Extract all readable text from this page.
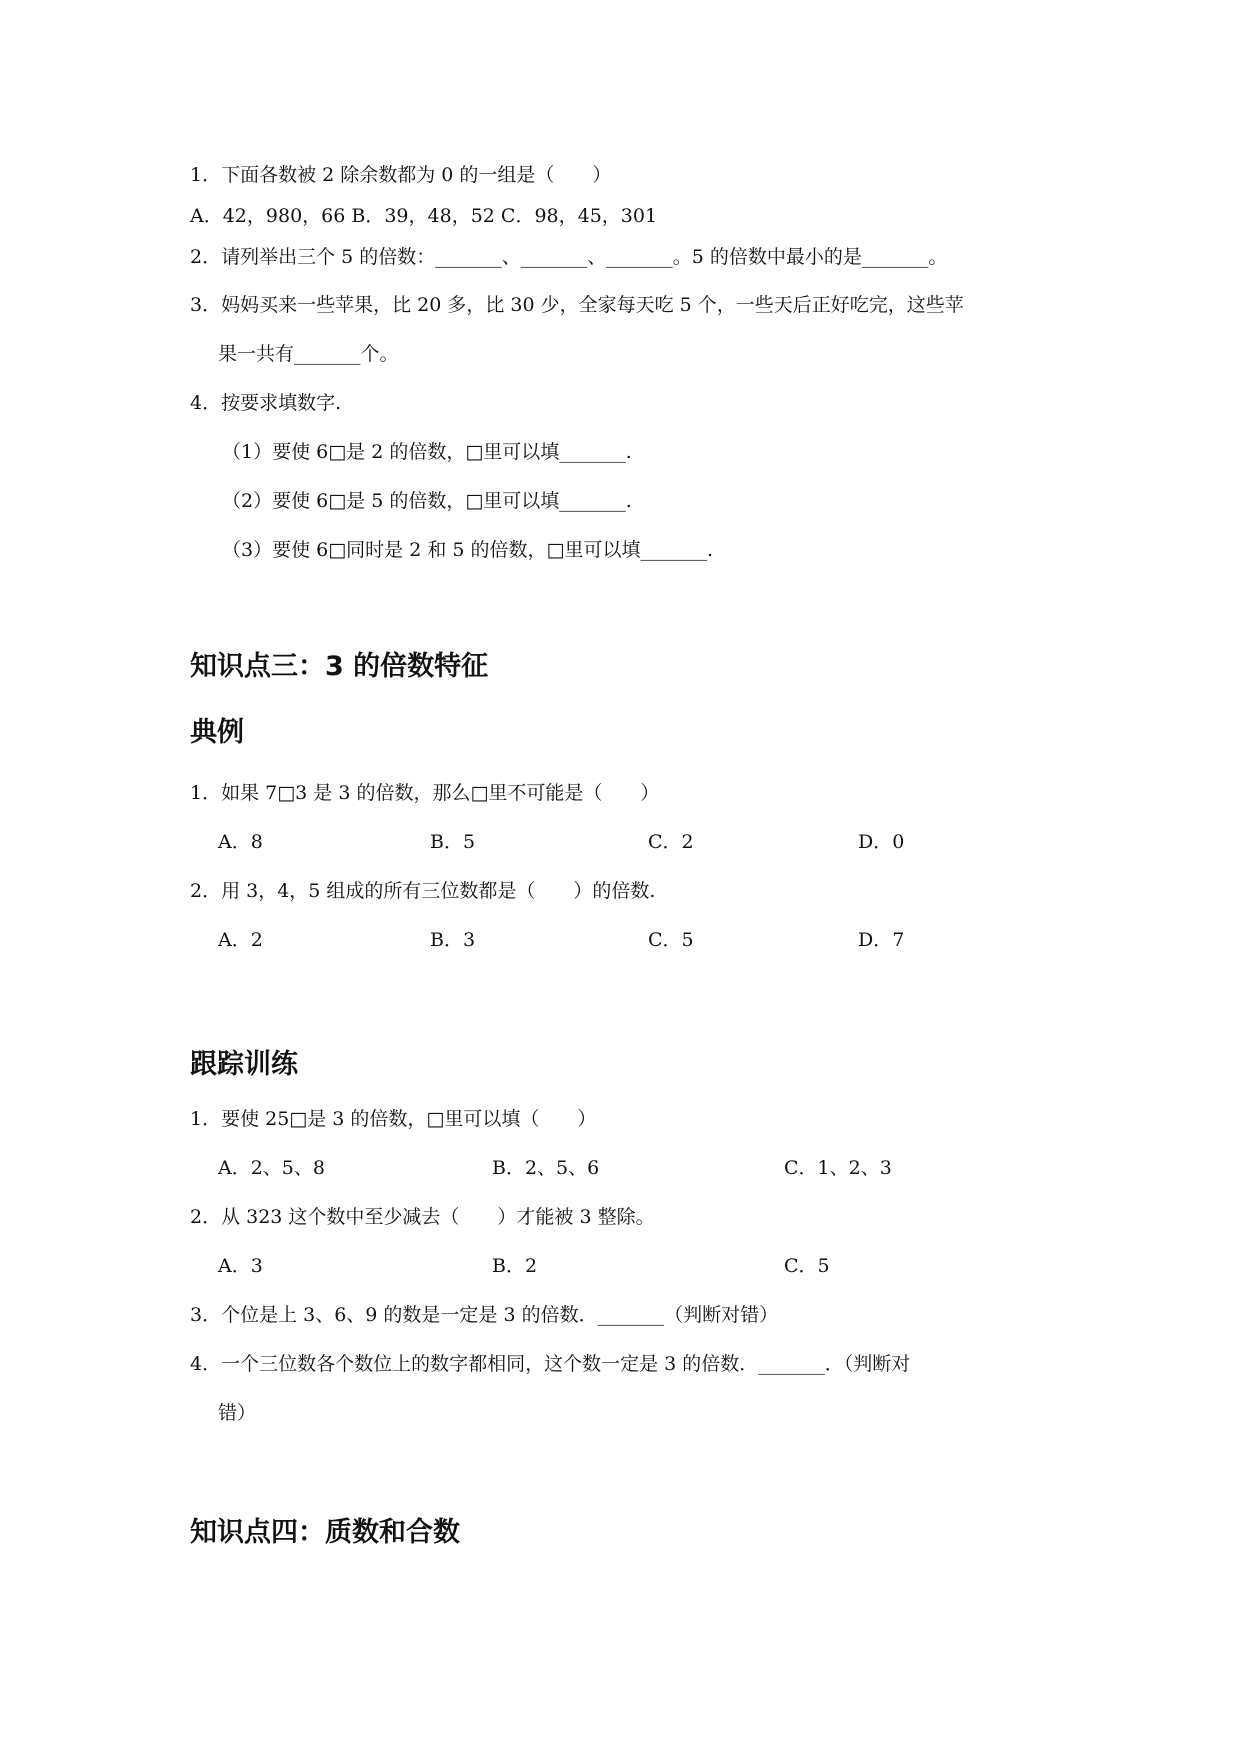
1．下面各数被 2 除余数都为 0 的一组是（　　）
A．42，980，66 B．39，48，52 C．98，45，301
2．请列举出三个 5 的倍数：_______、_______、_______。5 的倍数中最小的是_______。
3．妈妈买来一些苹果，比 20 多，比 30 少，全家每天吃 5 个，一些天后正好吃完，这些苹
果一共有_______个。
4．按要求填数字.
（1）要使 6□是 2 的倍数，□里可以填_______.
（2）要使 6□是 5 的倍数，□里可以填_______.
（3）要使 6□同时是 2 和 5 的倍数，□里可以填_______.
知识点三：3 的倍数特征
典例
1．如果 7□3 是 3 的倍数，那么□里不可能是（　　）
A．8	B．5	C．2	D．0
2．用 3，4，5 组成的所有三位数都是（　　）的倍数.
A．2	B．3	C．5	D．7
跟踪训练
1．要使 25□是 3 的倍数，□里可以填（　　）
A．2、5、8	B．2、5、6	C．1、2、3
2．从 323 这个数中至少减去（　　）才能被 3 整除。
A．3	B．2	C．5
3．个位是上 3、6、9 的数是一定是 3 的倍数．_______（判断对错）
4．一个三位数各个数位上的数字都相同，这个数一定是 3 的倍数．_______．（判断对
错）
知识点四：质数和合数
